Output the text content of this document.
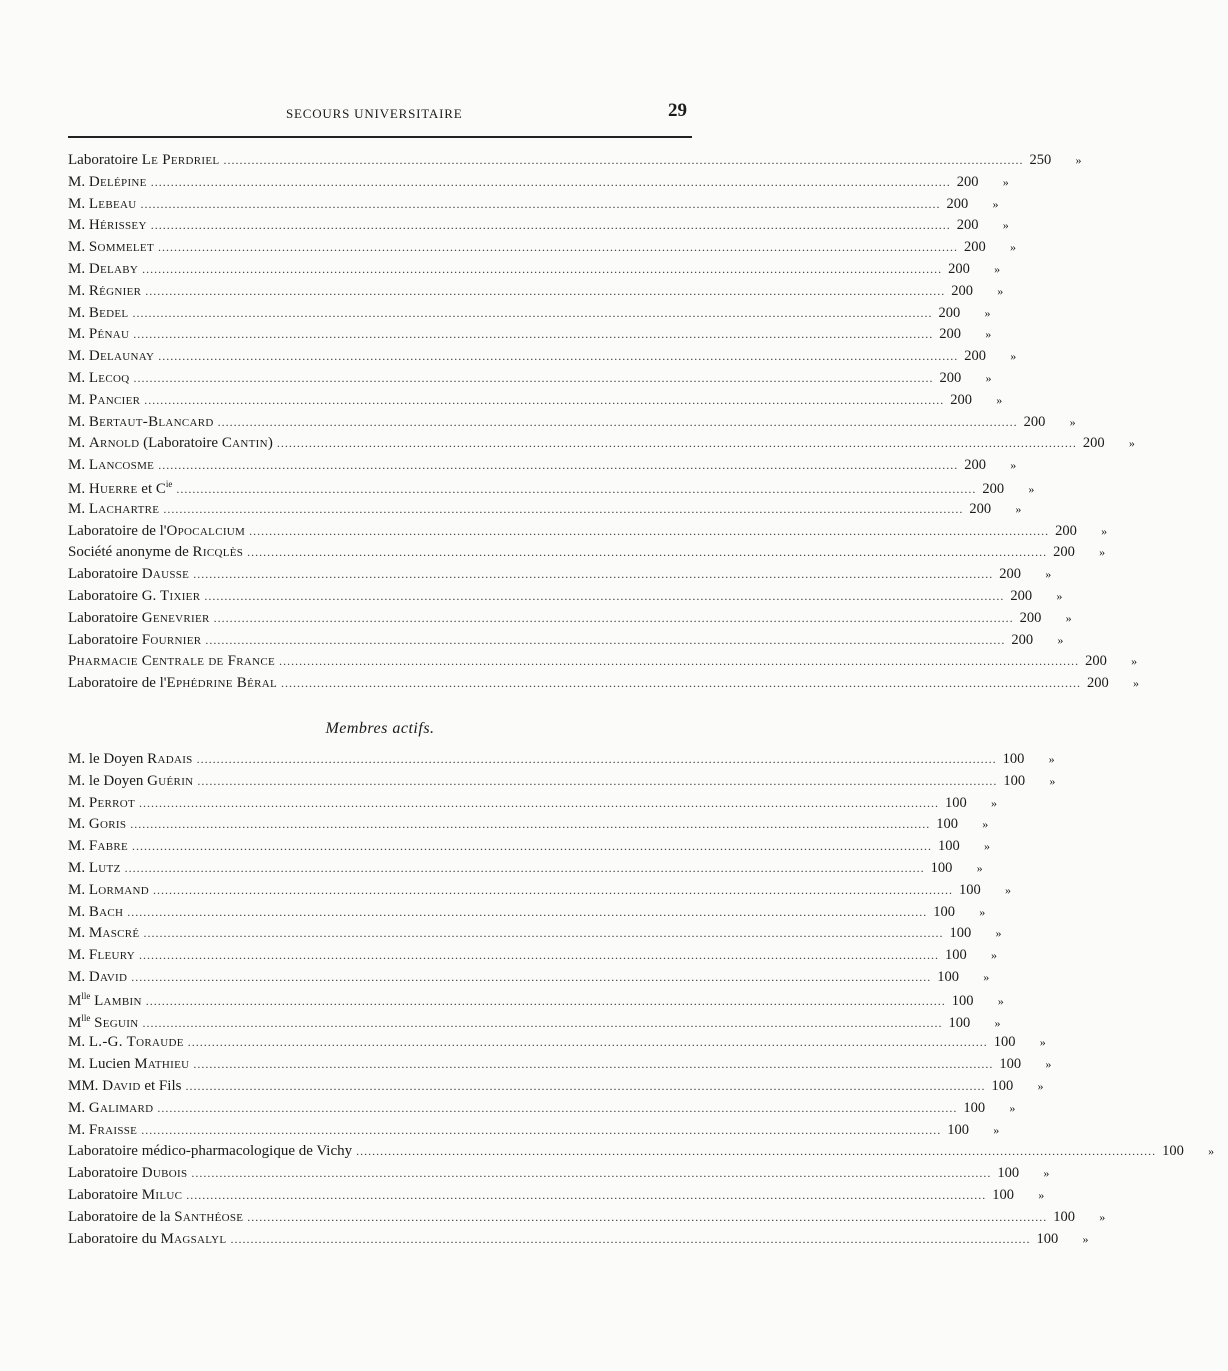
SECOURS UNIVERSITAIRE	29
Laboratoire Le Perdriel ........................................................................................................................................................................................................ 250	»
M. Delépine ........................................................................................................................................................................................................ 200	»
M. Lebeau ........................................................................................................................................................................................................ 200	»
M. Hérissey ........................................................................................................................................................................................................ 200	»
M. Sommelet ........................................................................................................................................................................................................ 200	»
M. Delaby ........................................................................................................................................................................................................ 200	»
M. Régnier ........................................................................................................................................................................................................ 200	»
M. Bedel ........................................................................................................................................................................................................ 200	»
M. Pénau ........................................................................................................................................................................................................ 200	»
M. Delaunay ........................................................................................................................................................................................................ 200	»
M. Lecoq ........................................................................................................................................................................................................ 200	»
M. Pancier ........................................................................................................................................................................................................ 200	»
M. Bertaut-Blancard ........................................................................................................................................................................................................ 200	»
M. Arnold (Laboratoire Cantin) ........................................................................................................................................................................................................ 200	»
M. Lancosme ........................................................................................................................................................................................................ 200	»
M. Huerre et $C^{ie}$ ........................................................................................................................................................................................................ 200	»
M. Lachartre ........................................................................................................................................................................................................ 200	»
Laboratoire de l'Opocalcium ........................................................................................................................................................................................................ 200	»
Société anonyme de Ricqlès ........................................................................................................................................................................................................ 200	»
Laboratoire Dausse ........................................................................................................................................................................................................ 200	»
Laboratoire G. Tixier ........................................................................................................................................................................................................ 200	»
Laboratoire Genevrier ........................................................................................................................................................................................................ 200	»
Laboratoire Fournier ........................................................................................................................................................................................................ 200	»
Pharmacie Centrale de France ........................................................................................................................................................................................................ 200	»
Laboratoire de l'Ephédrine Béral ........................................................................................................................................................................................................ 200	»
Membres actifs.
M. le Doyen Radais ........................................................................................................................................................................................................ 100	»
M. le Doyen Guérin ........................................................................................................................................................................................................ 100	»
M. Perrot ........................................................................................................................................................................................................ 100	»
M. Goris ........................................................................................................................................................................................................ 100	»
M. Fabre ........................................................................................................................................................................................................ 100	»
M. Lutz ........................................................................................................................................................................................................ 100	»
M. Lormand ........................................................................................................................................................................................................ 100	»
M. Bach ........................................................................................................................................................................................................ 100	»
M. Mascré ........................................................................................................................................................................................................ 100	»
M. Fleury ........................................................................................................................................................................................................ 100	»
M. David ........................................................................................................................................................................................................ 100	»
$M^{lle}$ Lambin ........................................................................................................................................................................................................ 100	»
$M^{lle}$ Seguin ........................................................................................................................................................................................................ 100	»
M. L.-G. Toraude ........................................................................................................................................................................................................ 100	»
M. Lucien Mathieu ........................................................................................................................................................................................................ 100	»
MM. David et Fils ........................................................................................................................................................................................................ 100	»
M. Galimard ........................................................................................................................................................................................................ 100	»
M. Fraisse ........................................................................................................................................................................................................ 100	»
Laboratoire médico-pharmacologique de Vichy ........................................................................................................................................................................................................ 100	»
Laboratoire Dubois ........................................................................................................................................................................................................ 100	»
Laboratoire Miluc ........................................................................................................................................................................................................ 100	»
Laboratoire de la Santhéose ........................................................................................................................................................................................................ 100	»
Laboratoire du Magsalyl ........................................................................................................................................................................................................ 100	»
